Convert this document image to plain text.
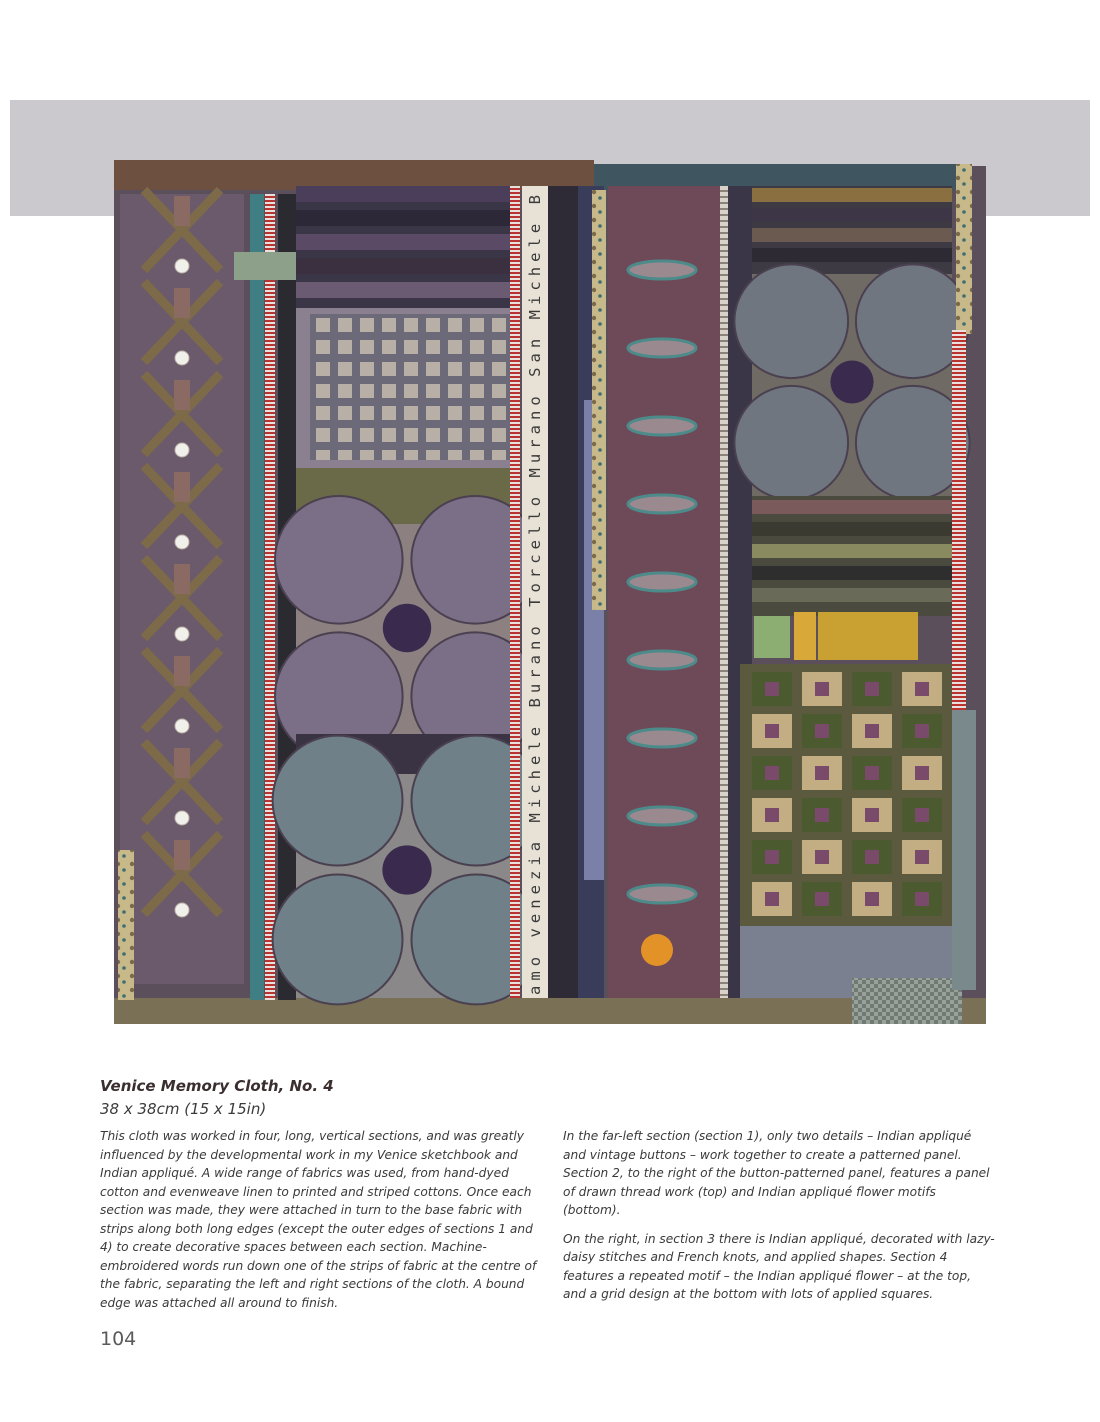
amo venezia Michele Burano Torcello Murano San Michele B
Venice Memory Cloth, No. 4
38 x 38cm (15 x 15in)

This cloth was worked in four, long, vertical sections, and was greatly influenced by the developmental work in my Venice sketchbook and Indian appliqué. A wide range of fabrics was used, from hand-dyed cotton and evenweave linen to printed and striped cottons. Once each section was made, they were attached in turn to the base fabric with strips along both long edges (except the outer edges of sections 1 and 4) to create decorative spaces between each section. Machine-embroidered words run down one of the strips of fabric at the centre of the fabric, separating the left and right sections of the cloth. A bound edge was attached all around to finish.

In the far-left section (section 1), only two details – Indian appliqué and vintage buttons – work together to create a patterned panel. Section 2, to the right of the button-patterned panel, features a panel of drawn thread work (top) and Indian appliqué flower motifs (bottom).

On the right, in section 3 there is Indian appliqué, decorated with lazy-daisy stitches and French knots, and applied shapes. Section 4 features a repeated motif – the Indian appliqué flower – at the top, and a grid design at the bottom with lots of applied squares.

104
